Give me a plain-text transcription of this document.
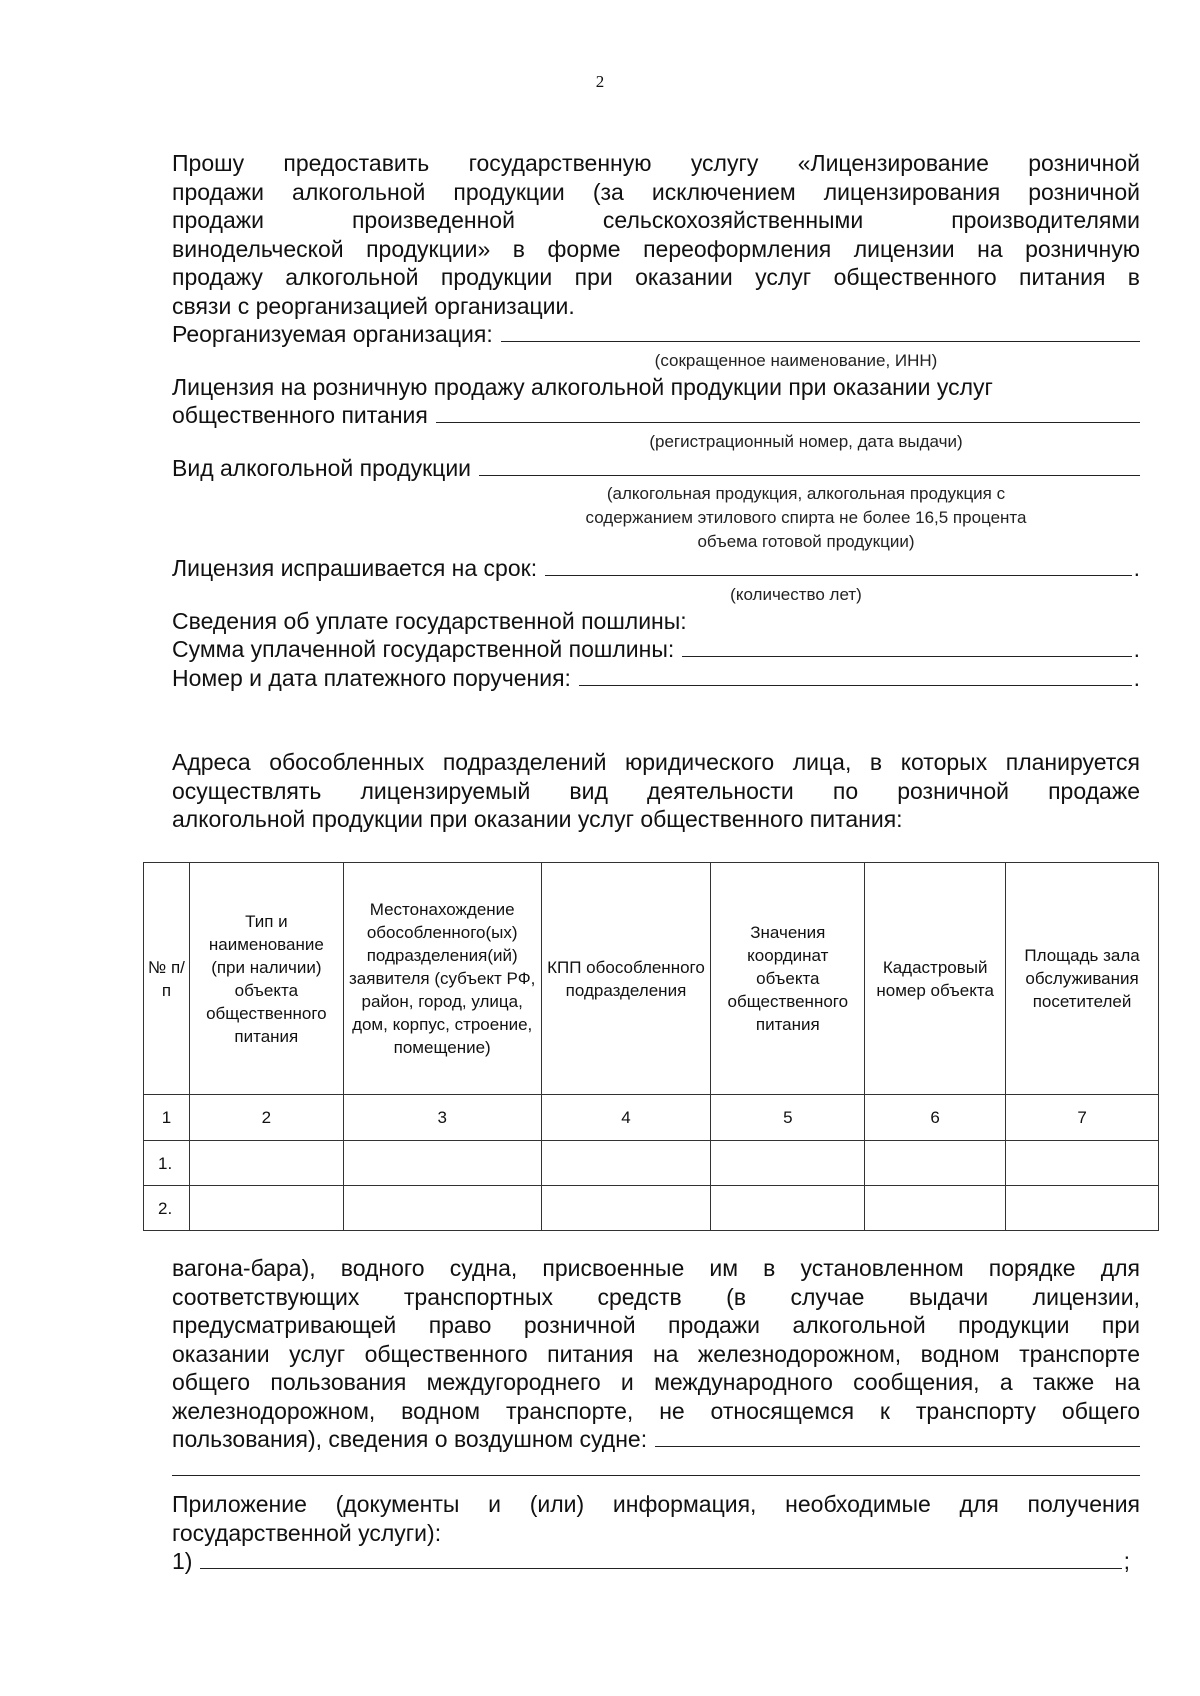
2
Прошу предоставить государственную услугу «Лицензирование розничной
продажи алкогольной продукции (за исключением лицензирования розничной
продажи произведенной сельскохозяйственными производителями
винодельческой продукции» в форме переоформления лицензии на розничную
продажу алкогольной продукции при оказании услуг общественного питания в
связи с реорганизацией организации.
Реорганизуемая организация:
(сокращенное наименование, ИНН)
Лицензия на розничную продажу алкогольной продукции при оказании услуг
общественного питания
(регистрационный номер, дата выдачи)
Вид алкогольной продукции
(алкогольная продукция, алкогольная продукция с
содержанием этилового спирта не более 16,5 процента
объема готовой продукции)
Лицензия испрашивается на срок:	.
(количество лет)
Сведения об уплате государственной пошлины:
Сумма уплаченной государственной пошлины:	.
Номер и дата платежного поручения:	.
Адреса обособленных подразделений юридического лица, в которых планируется
осуществлять лицензируемый вид деятельности по розничной продаже
алкогольной продукции при оказании услуг общественного питания:
№ п/п	Тип и наименование (при наличии) объекта общественного питания	Местонахождение обособленного(ых) подразделения(ий) заявителя (субъект РФ, район, город, улица, дом, корпус, строение, помещение)	КПП обособленного подразделения	Значения координат объекта общественного питания	Кадастровый номер объекта	Площадь зала обслуживания посетителей
1	2	3	4	5	6	7
1.						
2.						
вагона-бара), водного судна, присвоенные им в установленном порядке для
соответствующих транспортных средств (в случае выдачи лицензии,
предусматривающей право розничной продажи алкогольной продукции при
оказании услуг общественного питания на железнодорожном, водном транспорте
общего пользования междугороднего и международного сообщения, а также на
железнодорожном, водном транспорте, не относящемся к транспорту общего
пользования), сведения о воздушном судне:
Приложение (документы и (или) информация, необходимые для получения
государственной услуги):
1)	;
